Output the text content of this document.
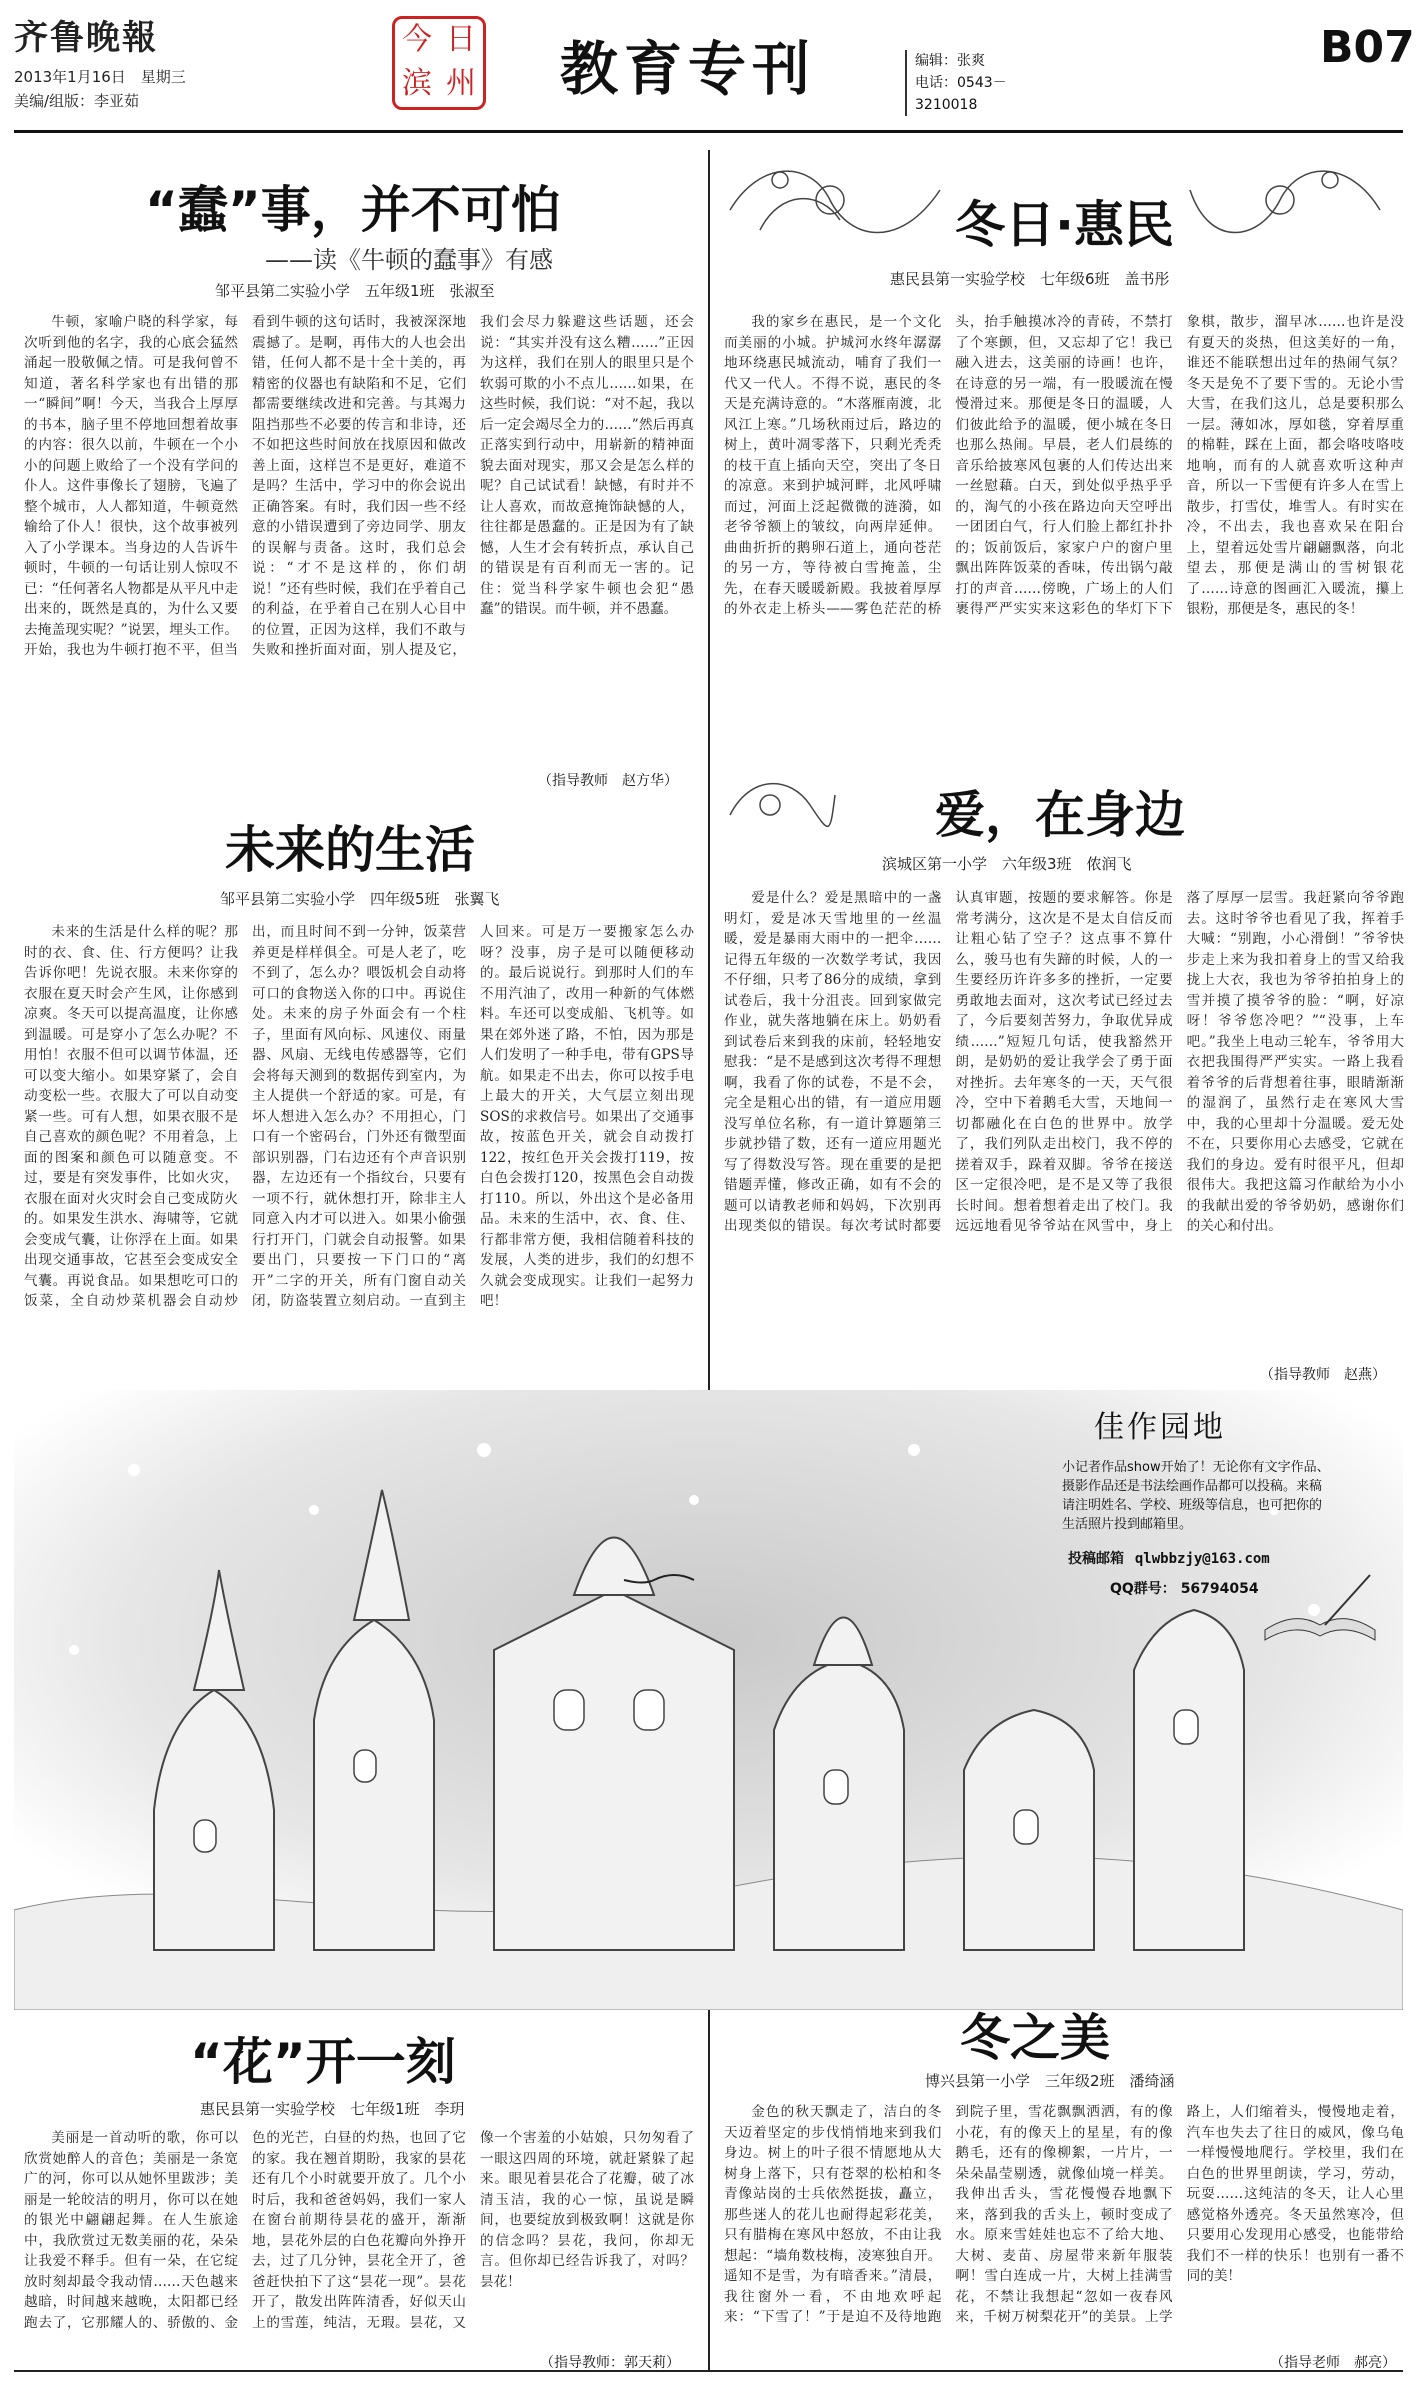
齐鲁晚報
2013年1月16日　星期三
美编/组版：李亚茹
今 日
滨 州 教育专刊	编辑：张爽
电话：0543－3210018
B07
“蠢”事，并不可怕
——读《牛顿的蠢事》有感
邹平县第二实验小学　五年级1班　张淑至
牛顿，家喻户晓的科学家，每次听到他的名字，我的心底会猛然涌起一股敬佩之情。可是我何曾不知道，著名科学家也有出错的那一“瞬间”啊！今天，当我合上厚厚的书本，脑子里不停地回想着故事的内容：很久以前，牛顿在一个小小的问题上败给了一个没有学问的仆人。这件事像长了翅膀，飞遍了整个城市，人人都知道，牛顿竟然输给了仆人！很快，这个故事被列入了小学课本。当身边的人告诉牛顿时，牛顿的一句话让别人惊叹不已：“任何著名人物都是从平凡中走出来的，既然是真的，为什么又要去掩盖现实呢？”说罢，埋头工作。开始，我也为牛顿打抱不平，但当看到牛顿的这句话时，我被深深地震撼了。是啊，再伟大的人也会出错，任何人都不是十全十美的，再精密的仪器也有缺陷和不足，它们都需要继续改进和完善。与其竭力阻挡那些不必要的传言和非诗，还不如把这些时间放在找原因和做改善上面，这样岂不是更好，难道不是吗？生活中，学习中的你会说出正确答案。有时，我们因一些不经意的小错误遭到了旁边同学、朋友的误解与责备。这时，我们总会说：“才不是这样的，你们胡说！”还有些时候，我们在乎着自己的利益，在乎着自己在别人心目中的位置，正因为这样，我们不敢与失败和挫折面对面，别人提及它，我们会尽力躲避这些话题，还会说：“其实并没有这么糟……”正因为这样，我们在别人的眼里只是个软弱可欺的小不点儿……如果，在这些时候，我们说：“对不起，我以后一定会竭尽全力的……”然后再真正落实到行动中，用崭新的精神面貌去面对现实，那又会是怎么样的呢？自己试试看！缺憾，有时并不让人喜欢，而故意掩饰缺憾的人，往往都是愚蠢的。正是因为有了缺憾，人生才会有转折点，承认自己的错误是有百利而无一害的。记住：觉当科学家牛顿也会犯“愚蠢”的错误。而牛顿，并不愚蠢。
（指导教师　赵方华）
冬日·惠民
惠民县第一实验学校　七年级6班　盖书彤
我的家乡在惠民，是一个文化而美丽的小城。护城河水终年潺潺地环绕惠民城流动，哺育了我们一代又一代人。不得不说，惠民的冬天是充满诗意的。“木落雁南渡，北风江上寒。”几场秋雨过后，路边的树上，黄叶凋零落下，只剩光秃秃的枝干直上插向天空，突出了冬日的凉意。来到护城河畔，北风呼啸而过，河面上泛起微微的涟漪，如老爷爷额上的皱纹，向两岸延伸。曲曲折折的鹅卵石道上，通向苍茫的另一方，等待被白雪掩盖，尘先，在春天暖暖新殿。我披着厚厚的外衣走上桥头——雾色茫茫的桥头，抬手触摸冰冷的青砖，不禁打了个寒颤，但，又忘却了它！我已融入进去，这美丽的诗画！也许，在诗意的另一端，有一股暖流在慢慢滑过来。那便是冬日的温暖，人们彼此给予的温暖，便小城在冬日也那么热闹。早晨，老人们晨练的音乐给披寒风包裹的人们传达出来一丝慰藉。白天，到处似乎热乎乎的，淘气的小孩在路边向天空呼出一团团白气，行人们脸上都红扑扑的；饭前饭后，家家户户的窗户里飘出阵阵饭菜的香味，传出锅勺敲打的声音……傍晚，广场上的人们裹得严严实实来这彩色的华灯下下象棋，散步，溜早冰……也许是没有夏天的炎热，但这美好的一角，谁还不能联想出过年的热闹气氛？冬天是免不了要下雪的。无论小雪大雪，在我们这儿，总是要积那么一层。薄如冰，厚如毯，穿着厚重的棉鞋，踩在上面，都会咯吱咯吱地响，而有的人就喜欢听这种声音，所以一下雪便有许多人在雪上散步，打雪仗，堆雪人。有时实在冷，不出去，我也喜欢呆在阳台上，望着远处雪片翩翩飘落，向北望去，那便是满山的雪树银花了……诗意的图画汇入暖流，攥上银粉，那便是冬，惠民的冬！
未来的生活
邹平县第二实验小学　四年级5班　张翼飞
未来的生活是什么样的呢？那时的衣、食、住、行方便吗？让我告诉你吧！先说衣服。未来你穿的衣服在夏天时会产生风，让你感到凉爽。冬天可以提高温度，让你感到温暖。可是穿小了怎么办呢？不用怕！衣服不但可以调节体温，还可以变大缩小。如果穿紧了，会自动变松一些。衣服大了可以自动变紧一些。可有人想，如果衣服不是自己喜欢的颜色呢？不用着急，上面的图案和颜色可以随意变。不过，要是有突发事件，比如火灾，衣服在面对火灾时会自己变成防火的。如果发生洪水、海啸等，它就会变成气囊，让你浮在上面。如果出现交通事故，它甚至会变成安全气囊。再说食品。如果想吃可口的饭菜，全自动炒菜机器会自动炒出，而且时间不到一分钟，饭菜营养更是样样俱全。可是人老了，吃不到了，怎么办？喂饭机会自动将可口的食物送入你的口中。再说住处。未来的房子外面会有一个柱子，里面有风向标、风速仪、雨量器、风扇、无线电传感器等，它们会将每天测到的数据传到室内，为主人提供一个舒适的家。可是，有坏人想进入怎么办？不用担心，门口有一个密码台，门外还有微型面部识别器，门右边还有个声音识别器，左边还有一个指纹台，只要有一项不行，就休想打开，除非主人同意入内才可以进入。如果小偷强行打开门，门就会自动报警。如果要出门，只要按一下门口的“离开”二字的开关，所有门窗自动关闭，防盗装置立刻启动。一直到主人回来。可是万一要搬家怎么办呀？没事，房子是可以随便移动的。最后说说行。到那时人们的车不用汽油了，改用一种新的气体燃料。车还可以变成船、飞机等。如果在郊外迷了路，不怕，因为那是人们发明了一种手电，带有GPS导航。如果走不出去，你可以按手电上最大的开关，大气层立刻出现SOS的求救信号。如果出了交通事故，按蓝色开关，就会自动拨打122，按红色开关会拨打119，按白色会拨打120，按黑色会自动拨打110。所以，外出这个是必备用品。未来的生活中，衣、食、住、行都非常方便，我相信随着科技的发展，人类的进步，我们的幻想不久就会变成现实。让我们一起努力吧！
爱，在身边
滨城区第一小学　六年级3班　侬润飞
爱是什么？爱是黑暗中的一盏明灯，爱是冰天雪地里的一丝温暖，爱是暴雨大雨中的一把伞……记得五年级的一次数学考试，我因不仔细，只考了86分的成绩，拿到试卷后，我十分沮丧。回到家做完作业，就失落地躺在床上。奶奶看到试卷后来到我的床前，轻轻地安慰我：“是不是感到这次考得不理想啊，我看了你的试卷，不是不会，完全是粗心出的错，有一道应用题没写单位名称，有一道计算题第三步就抄错了数，还有一道应用题光写了得数没写答。现在重要的是把错题弄懂，修改正确，如有不会的题可以请教老师和妈妈，下次别再出现类似的错误。每次考试时都要认真审题，按题的要求解答。你是常考满分，这次是不是太自信反而让粗心钻了空子？这点事不算什么，骏马也有失蹄的时候，人的一生要经历许许多多的挫折，一定要勇敢地去面对，这次考试已经过去了，今后要刻苦努力，争取优异成绩……”短短几句话，使我豁然开朗，是奶奶的爱让我学会了勇于面对挫折。去年寒冬的一天，天气很冷，空中下着鹅毛大雪，天地间一切都融化在白色的世界中。放学了，我们列队走出校门，我不停的搓着双手，跺着双脚。爷爷在接送区一定很冷吧，是不是又等了我很长时间。想着想着走出了校门。我远远地看见爷爷站在风雪中，身上落了厚厚一层雪。我赶紧向爷爷跑去。这时爷爷也看见了我，挥着手大喊：“别跑，小心滑倒！”爷爷快步走上来为我扣着身上的雪又给我拢上大衣，我也为爷爷拍拍身上的雪并摸了摸爷爷的脸：“啊，好凉呀！爷爷您冷吧？”“没事，上车吧。”我坐上电动三轮车，爷爷用大衣把我围得严严实实。一路上我看着爷爷的后背想着往事，眼睛渐渐的湿润了，虽然行走在寒风大雪中，我的心里却十分温暖。爱无处不在，只要你用心去感受，它就在我们的身边。爱有时很平凡，但却很伟大。我把这篇习作献给为小小的我献出爱的爷爷奶奶，感谢你们的关心和付出。
（指导教师　赵燕）
佳作园地
小记者作品show开始了！无论你有文字作品、摄影作品还是书法绘画作品都可以投稿。来稿请注明姓名、学校、班级等信息，也可把你的生活照片投到邮箱里。
投稿邮箱 qlwbbzjy@163.com
QQ群号： 56794054
“花”开一刻
惠民县第一实验学校　七年级1班　李玥
美丽是一首动听的歌，你可以欣赏她醉人的音色；美丽是一条宽广的河，你可以从她怀里跋涉；美丽是一轮皎洁的明月，你可以在她的银光中翩翩起舞。在人生旅途中，我欣赏过无数美丽的花，朵朵让我爱不释手。但有一朵，在它绽放时刻却最令我动情……天色越来越暗，时间越来越晚，太阳都已经跑去了，它那耀人的、骄傲的、金色的光芒，白昼的灼热，也回了它的家。我在翘首期盼，我家的昙花还有几个小时就要开放了。几个小时后，我和爸爸妈妈，我们一家人在窗台前期待昙花的盛开，渐渐地，昙花外层的白色花瓣向外挣开去，过了几分钟，昙花全开了，爸爸赶快拍下了这“昙花一现”。昙花开了，散发出阵阵清香，好似天山上的雪莲，纯洁，无瑕。昙花，又像一个害羞的小姑娘，只勿匆看了一眼这四周的环境，就赶紧躲了起来。眼见着昙花合了花瓣，破了冰清玉洁，我的心一惊，虽说是瞬间，也要绽放到极致啊！这就是你的信念吗？昙花，我问，你却无言。但你却已经告诉我了，对吗？昙花！
（指导教师：郭天莉）
冬之美
博兴县第一小学　三年级2班　潘绮涵
金色的秋天飘走了，洁白的冬天迈着坚定的步伐悄悄地来到我们身边。树上的叶子很不情愿地从大树身上落下，只有苍翠的松柏和冬青像站岗的士兵依然挺拔，矗立，那些迷人的花儿也耐得起彩花美，只有腊梅在寒风中怒放，不由让我想起：“墙角数枝梅，凌寒独自开。遥知不是雪，为有暗香来。”清晨，我往窗外一看，不由地欢呼起来：“下雪了！”于是迫不及待地跑到院子里，雪花飘飘洒洒，有的像小花，有的像天上的星星，有的像鹅毛，还有的像柳絮，一片片，一朵朵晶莹剔透，就像仙境一样美。我伸出舌头，雪花慢慢吞地飘下来，落到我的舌头上，顿时变成了水。原来雪娃娃也忘不了给大地、大树、麦苗、房屋带来新年服装啊！雪白连成一片，大树上挂满雪花，不禁让我想起“忽如一夜春风来，千树万树梨花开”的美景。上学路上，人们缩着头，慢慢地走着，汽车也失去了往日的威风，像乌龟一样慢慢地爬行。学校里，我们在白色的世界里朗读，学习，劳动，玩耍……这纯洁的冬天，让人心里感觉格外透亮。冬天虽然寒冷，但只要用心发现用心感受，也能带给我们不一样的快乐！也别有一番不同的美！
（指导老师　郝亮）
